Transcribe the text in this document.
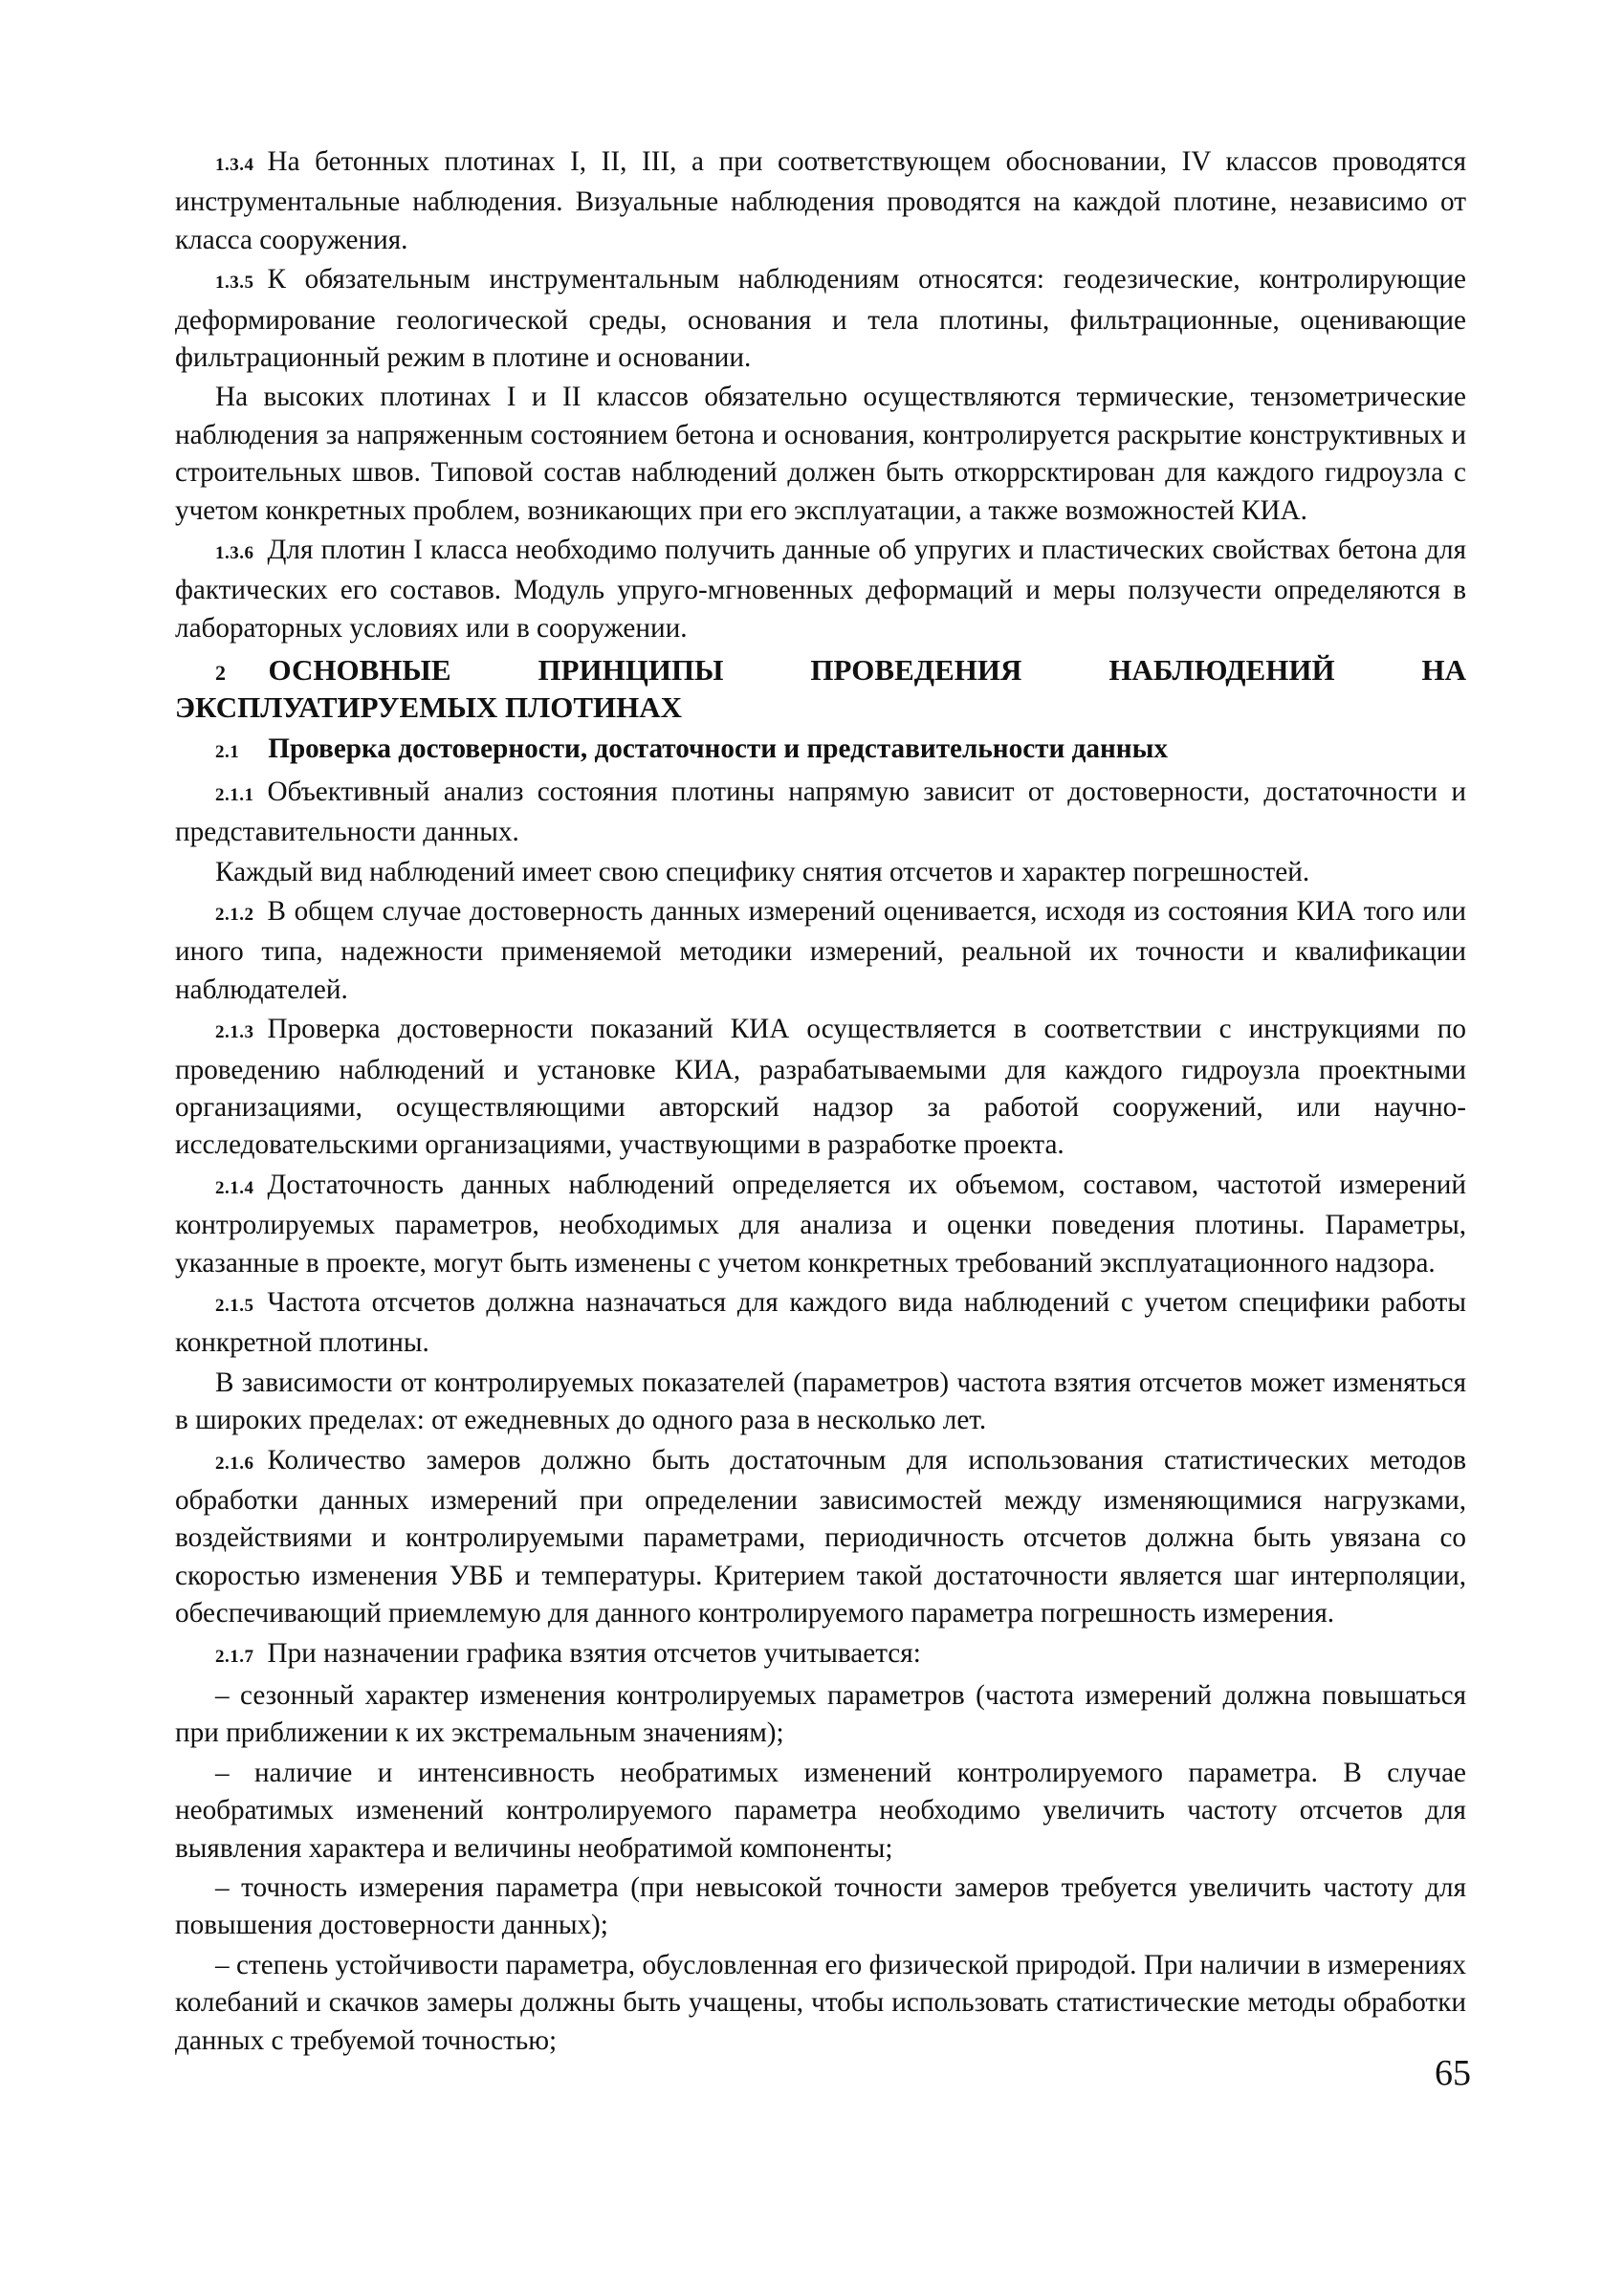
1.3.4 На бетонных плотинах I, II, III, а при соответствующем обосновании, IV классов проводятся инструментальные наблюдения. Визуальные наблюдения проводятся на каждой плотине, независимо от класса сооружения.
1.3.5 К обязательным инструментальным наблюдениям относятся: геодезические, контролирующие деформирование геологической среды, основания и тела плотины, фильтрационные, оценивающие фильтрационный режим в плотине и основании.
На высоких плотинах I и II классов обязательно осуществляются термические, тензометрические наблюдения за напряженным состоянием бетона и основания, контролируется раскрытие конструктивных и строительных швов. Типовой состав наблюдений должен быть откоррсктирован для каждого гидроузла с учетом конкретных проблем, возникающих при его эксплуатации, а также возможностей КИА.
1.3.6 Для плотин I класса необходимо получить данные об упругих и пластических свойствах бетона для фактических его составов. Модуль упруго-мгновенных деформаций и меры ползучести определяются в лабораторных условиях или в сооружении.
2 ОСНОВНЫЕ ПРИНЦИПЫ ПРОВЕДЕНИЯ НАБЛЮДЕНИЙ НА ЭКСПЛУАТИРУЕМЫХ ПЛОТИНАХ
2.1 Проверка достоверности, достаточности и представительности данных
2.1.1 Объективный анализ состояния плотины напрямую зависит от достоверности, достаточности и представительности данных.
Каждый вид наблюдений имеет свою специфику снятия отсчетов и характер погрешностей.
2.1.2 В общем случае достоверность данных измерений оценивается, исходя из состояния КИА того или иного типа, надежности применяемой методики измерений, реальной их точности и квалификации наблюдателей.
2.1.3 Проверка достоверности показаний КИА осуществляется в соответствии с инструкциями по проведению наблюдений и установке КИА, разрабатываемыми для каждого гидроузла проектными организациями, осуществляющими авторский надзор за работой сооружений, или научно-исследовательскими организациями, участвующими в разработке проекта.
2.1.4 Достаточность данных наблюдений определяется их объемом, составом, частотой измерений контролируемых параметров, необходимых для анализа и оценки поведения плотины. Параметры, указанные в проекте, могут быть изменены с учетом конкретных требований эксплуатационного надзора.
2.1.5 Частота отсчетов должна назначаться для каждого вида наблюдений с учетом специфики работы конкретной плотины.
В зависимости от контролируемых показателей (параметров) частота взятия отсчетов может изменяться в широких пределах: от ежедневных до одного раза в несколько лет.
2.1.6 Количество замеров должно быть достаточным для использования статистических методов обработки данных измерений при определении зависимостей между изменяющимися нагрузками, воздействиями и контролируемыми параметрами, периодичность отсчетов должна быть увязана со скоростью изменения УВБ и температуры. Критерием такой достаточности является шаг интерполяции, обеспечивающий приемлемую для данного контролируемого параметра погрешность измерения.
2.1.7 При назначении графика взятия отсчетов учитывается:
– сезонный характер изменения контролируемых параметров (частота измерений должна повышаться при приближении к их экстремальным значениям);
– наличие и интенсивность необратимых изменений контролируемого параметра. В случае необратимых изменений контролируемого параметра необходимо увеличить частоту отсчетов для выявления характера и величины необратимой компоненты;
– точность измерения параметра (при невысокой точности замеров требуется увеличить частоту для повышения достоверности данных);
– степень устойчивости параметра, обусловленная его физической природой. При наличии в измерениях колебаний и скачков замеры должны быть учащены, чтобы использовать статистические методы обработки данных с требуемой точностью;
65
